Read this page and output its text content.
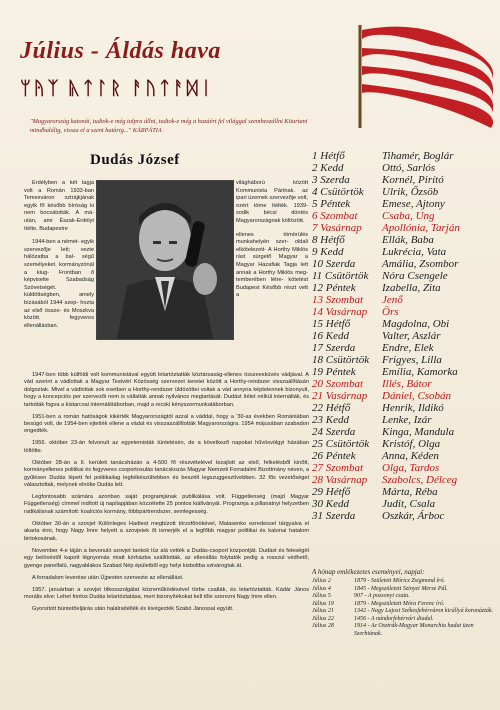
Július - Áldás hava
ᛘᚤᛉ ᚣᛏᛚᚱ ᚨᚢᛏᚨᛞᛁ
"Magyarország katonái, tudtok-e még talpra állni, tudtok-e még a hazáért fel világgal szembeszállni Kitartani mindhalálig, vissza el a szent határig..." KÁRPÁTIA
Dudás József

Erdélyben a két tagja volt a Román 1933-ban Temesváron sztrájkjának egyik fő később bíróság ki nem bocsátották. A má- után, ami Észak-Erdélyt ítélte, Budapestre

1944-ben a német- egyik szervezője lett; vezte hálózatba a bal- ségű személyeket. kormányzónál a kiug- Frontban ő képviselte Szabadság Szövetségét. küldöttségben, amely bízásából 1944 szep- hozta az első össze- és Moszkva között. fegyveres ellenállásban.

világháború között Kommunista Pártnak. az ipari üzemek szervezője volt, ezért törne ítélték. 1939- sodik bécsi döntés Magyarországnak költözött.

ellenes tömörülés munkahelyén szer- oldali elkötelezett- A Horthy Miklós rást sürgető Magyar a Magyar Hazafiak Tagja lett annak a Horthy Miklós meg- temberében létre- kötetést Budapest Később részt vett a

1947-ben több külföldi volt kommunistával együtt letartóztatták köztársaság-ellenes összeesküvés vádjával. A vád szerint a vádlottak a Magyar Testvéri Közösség szervezet keretei között a Horthy-rendszer visszaállításán dolgoztak. Mivel a vádlottak sok esetben a Horthy-rendszer üldözöttei voltak a vád annyira képtelennek bizonyult, hogy a koncepciós per szervezői nem is vállalták annak nyilvános megtartását. Dudást ítélet nélkül internálták, és tartották fogva a kistarcsai internálótáborban, majd a recski kényszermunkatáborban.

1951-ben a román hatóságok kikérték Magyarországtól azzal a váddal, hogy a '30-as években Romániában besúgó volt, de 1954-ben ejtették ellene a vádat és visszaszállították Magyarországra. 1954 májusában szabadon engedték.

1956. október 23-án felvonult az egyetemisták tüntetésén, de a következő napokat hűvösvölgyi házában töltötte.

Október 28-án a II. kerületi tanácsházán a 4-500 fő részvételével lezajlott az első, felkelésből kinőtt, kormányellenes politikai és fegyveres csoportosulás tanácskozás Magyar Nemzeti Forradalmi Bizottmány néven, a gyűlésen Dudás lépett fel politikailag legfelkészültebben és beszélt legszuggesztívebben. 32 fős vezetőséget választottak, melynek elnöke Dudás lett.

Legfontosabb számára azonban saját programjának publikálása volt. Függetlenség (majd Magyar Függetlenség) címmel indított új napilapjában közzétette 25 pontos kiáltványát. Programja a pillanatnyi helyzetben radikálisnak számított: koalíciós kormány, többpártrendszer, semlegesség.

Október 30-án a szovjet Különleges Hadtest megbízott törzsfőnökével, Malasenko ezredessel tárgyalva el akarta érni, hogy Nagy Imre helyett a szovjetek őt ismerjék el a legfőbb magyar politikai és katonai hatalom birtokosának.

November 4-e táján a bevonuló szovjet tankok tüz alá vették a Dudás-csoport központját. Dudást és feleségét egy belövéstől kapott légnyomás miatt kórházba szállították, az ellenállás folytatók pedig a rosszul védhető, gyenge panelfalú, nagyablakos Szabad Nép épületből egy helyi kisboltba szivárogtak át.

A forradalom leverése után Újpesten szervezte az ellenállást.

1957. januárban a szovjet titkosszolgálat közreműködésével törbe csalták, és letartóztatták. Kádár János morális elve: Lehet fontos Dudás letartóztatása, mert bizonyítékokat kell tőle szerezni Nagy Imre ellen.

Gyorsított büntetőeljárás után halálraítélték és kivégezték Szabó Jánossal együtt.

1 Hétfő	Tihamér, Boglár
2 Kedd	Ottó, Sarlós
3 Szerda	Kornél, Pirító
4 Csütörtök	Ulrik, Őzsöb
5 Péntek	Emese, Ajtony
6 Szombat	Csaba, Ung
7 Vasárnap	Apollónia, Tarján
8 Hétfő	Ellák, Baba
9 Kedd	Lukrécia, Vata
10 Szerda	Amália, Zsombor
11 Csütörtök	Nóra Csengele
12 Péntek	Izabella, Zita
13 Szombat	Jenő
14 Vasárnap	Örs
15 Hétfő	Magdolna, Obi
16 Kedd	Valter, Aszlár
17 Szerda	Endre, Elek
18 Csütörtök	Frigyes, Lilla
19 Péntek	Emília, Kamorka
20 Szombat	Illés, Bátor
21 Vasárnap	Dániel, Csobán
22 Hétfő	Henrik, Ildikó
23 Kedd	Lenke, Izár
24 Szerda	Kinga, Mandula
25 Csütörtök	Kristóf, Olga
26 Péntek	Anna, Kéden
27 Szombat	Olga, Tardos
28 Vasárnap	Szabolcs, Délceg
29 Hétfő	Márta, Réba
30 Kedd	Judit, Csala
31 Szerda	Oszkár, Árboc
A hónap emlékezetes eseményei, napjai:
Július 2	1879 - Született Móricz Zsigmond író.
Július 4	1845 - Megszületett Szinyei Merse Pál.
Július 5	907 - A pozsonyi csata.
Július 19	1879 - Megszületett Móra Ferenc író.
Július 21	1342 - Nagy Lajost Székesfehérváron királlyá koronázták.
Július 22	1456 - A nándorfehérvári diadal.
Július 28	1914 - Az Osztrák-Magyar Monarchia hadat üzen Szerbiának.
